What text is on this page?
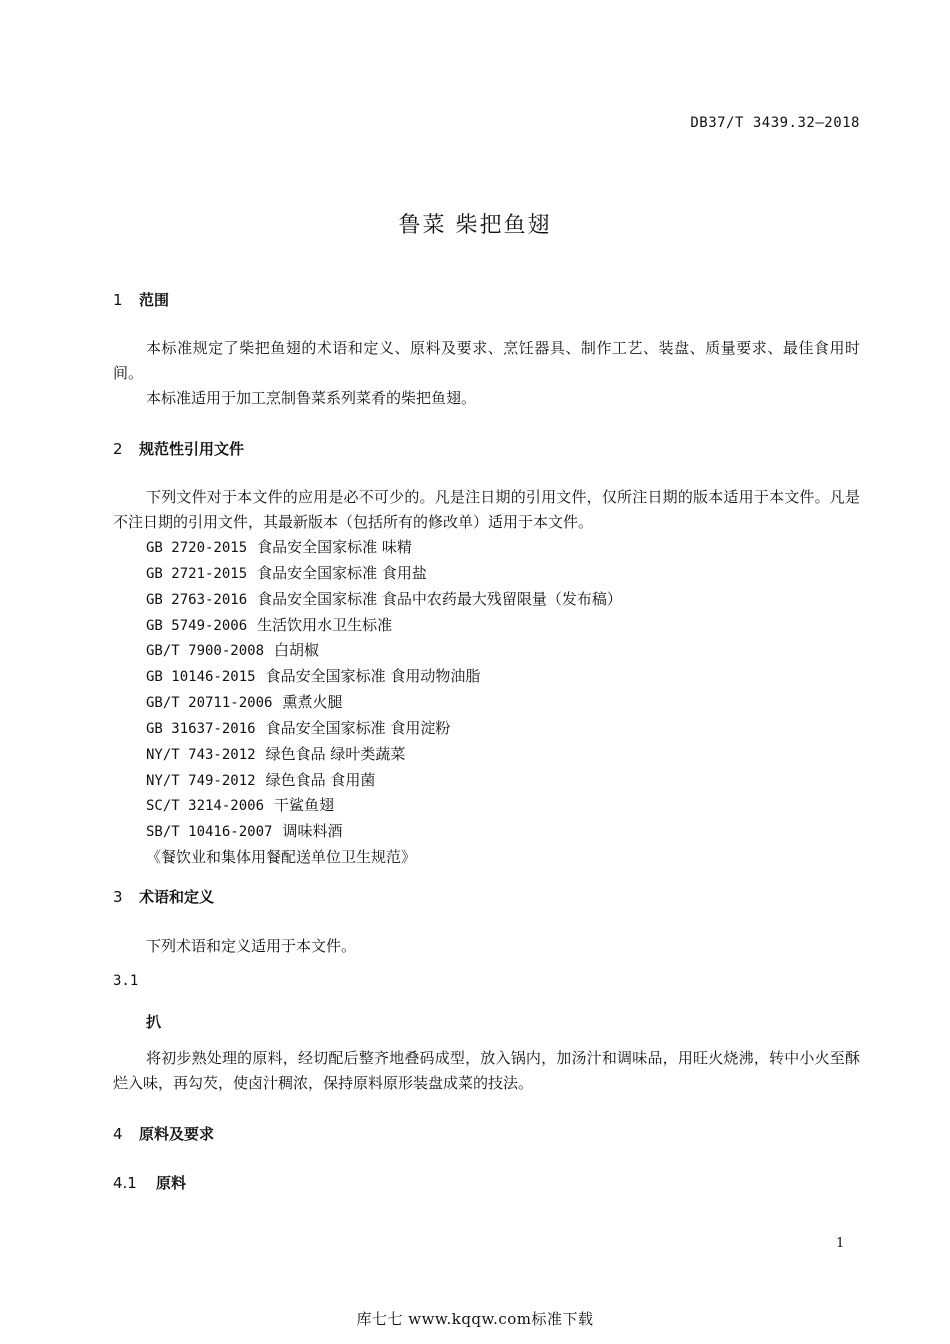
DB37/T 3439.32—2018
鲁菜 柴把鱼翅
1 范围
本标准规定了柴把鱼翅的术语和定义、原料及要求、烹饪器具、制作工艺、装盘、质量要求、最佳食用时间。
本标准适用于加工烹制鲁菜系列菜肴的柴把鱼翅。
2 规范性引用文件
下列文件对于本文件的应用是必不可少的。凡是注日期的引用文件，仅所注日期的版本适用于本文件。凡是不注日期的引用文件，其最新版本（包括所有的修改单）适用于本文件。
GB 2720-2015 食品安全国家标准 味精
GB 2721-2015 食品安全国家标准 食用盐
GB 2763-2016 食品安全国家标准 食品中农药最大残留限量（发布稿）
GB 5749-2006 生活饮用水卫生标准
GB/T 7900-2008 白胡椒
GB 10146-2015 食品安全国家标准 食用动物油脂
GB/T 20711-2006 熏煮火腿
GB 31637-2016 食品安全国家标准 食用淀粉
NY/T 743-2012 绿色食品 绿叶类蔬菜
NY/T 749-2012 绿色食品 食用菌
SC/T 3214-2006 干鲨鱼翅
SB/T 10416-2007 调味料酒
《餐饮业和集体用餐配送单位卫生规范》
3 术语和定义
下列术语和定义适用于本文件。
3.1
扒
将初步熟处理的原料，经切配后整齐地叠码成型，放入锅内，加汤汁和调味品，用旺火烧沸，转中小火至酥烂入味，再勾芡，使卤汁稠浓，保持原料原形装盘成菜的技法。
4 原料及要求
4.1 原料
1
库七七 www.kqqw.com标准下载
